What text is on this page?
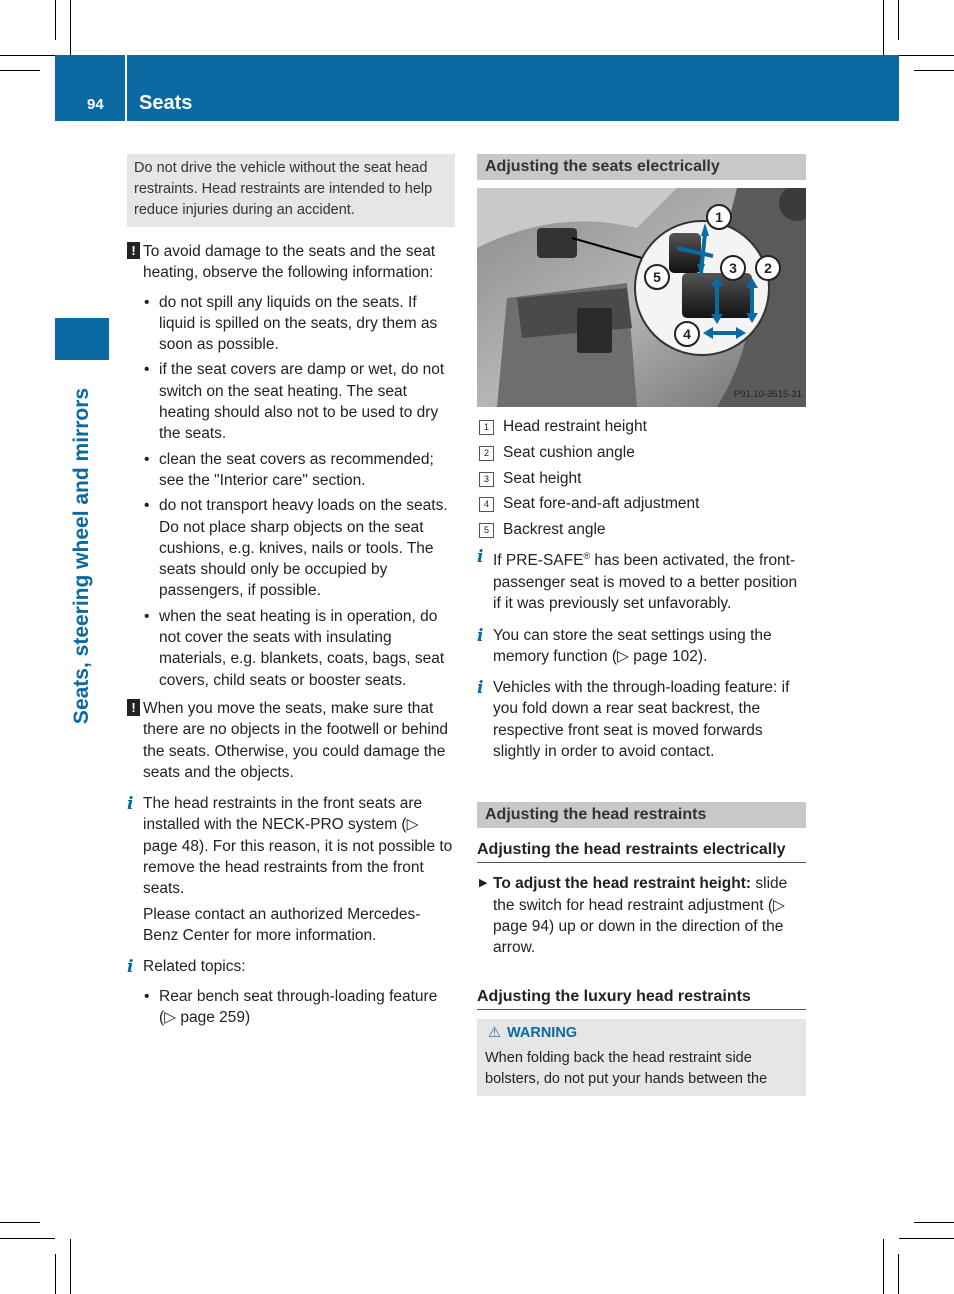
94 Seats
Seats, steering wheel and mirrors
Do not drive the vehicle without the seat head restraints. Head restraints are intended to help reduce injuries during an accident.
! To avoid damage to the seats and the seat heating, observe the following information:
• do not spill any liquids on the seats. If liquid is spilled on the seats, dry them as soon as possible.
• if the seat covers are damp or wet, do not switch on the seat heating. The seat heating should also not to be used to dry the seats.
• clean the seat covers as recommended; see the "Interior care" section.
• do not transport heavy loads on the seats. Do not place sharp objects on the seat cushions, e.g. knives, nails or tools. The seats should only be occupied by passengers, if possible.
• when the seat heating is in operation, do not cover the seats with insulating materials, e.g. blankets, coats, bags, seat covers, child seats or booster seats.
! When you move the seats, make sure that there are no objects in the footwell or behind the seats. Otherwise, you could damage the seats and the objects.
i The head restraints in the front seats are installed with the NECK-PRO system (▷ page 48). For this reason, it is not possible to remove the head restraints from the front seats.
Please contact an authorized Mercedes-Benz Center for more information.
i Related topics:
• Rear bench seat through-loading feature (▷ page 259)
Adjusting the seats electrically
1
2
3
4
5
P91.10-3515-31
1 Head restraint height
2 Seat cushion angle
3 Seat height
4 Seat fore-and-aft adjustment
5 Backrest angle
i If PRE-SAFE® has been activated, the front-passenger seat is moved to a better position if it was previously set unfavorably.
i You can store the seat settings using the memory function (▷ page 102).
i Vehicles with the through-loading feature: if you fold down a rear seat backrest, the respective front seat is moved forwards slightly in order to avoid contact.
Adjusting the head restraints
Adjusting the head restraints electrically
▶ To adjust the head restraint height: slide the switch for head restraint adjustment (▷ page 94) up or down in the direction of the arrow.
Adjusting the luxury head restraints
⚠ WARNING
When folding back the head restraint side bolsters, do not put your hands between the
